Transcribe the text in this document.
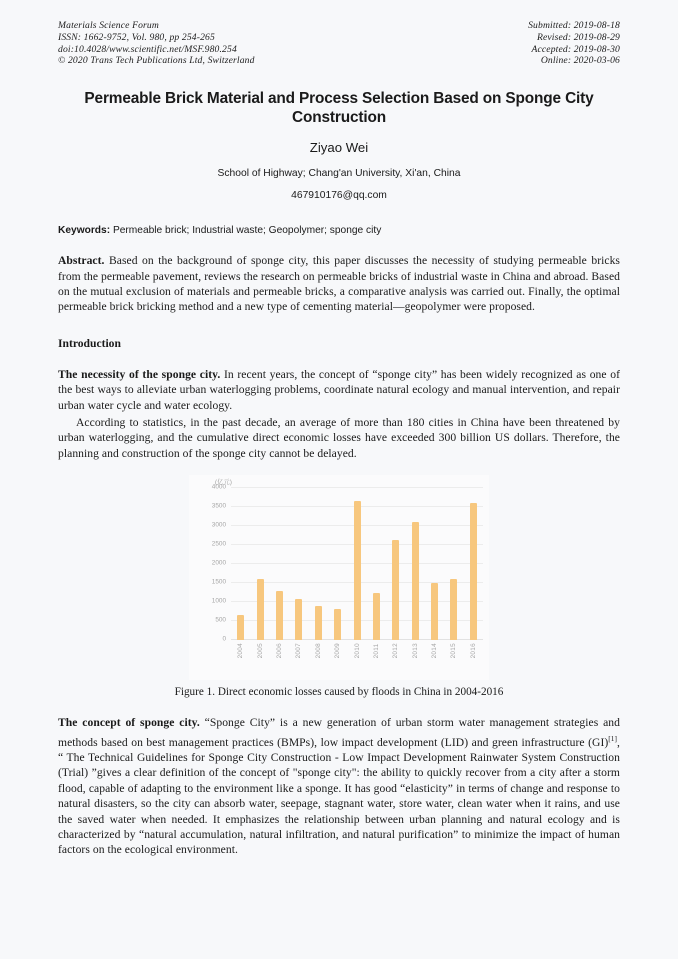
Materials Science Forum
ISSN: 1662-9752, Vol. 980, pp 254-265
doi:10.4028/www.scientific.net/MSF.980.254
© 2020 Trans Tech Publications Ltd, Switzerland
Submitted: 2019-08-18
Revised: 2019-08-29
Accepted: 2019-08-30
Online: 2020-03-06
Permeable Brick Material and Process Selection Based on Sponge City Construction
Ziyao Wei
School of Highway; Chang'an University, Xi'an, China
467910176@qq.com
Keywords: Permeable brick; Industrial waste; Geopolymer; sponge city
Abstract. Based on the background of sponge city, this paper discusses the necessity of studying permeable bricks from the permeable pavement, reviews the research on permeable bricks of industrial waste in China and abroad. Based on the mutual exclusion of materials and permeable bricks, a comparative analysis was carried out. Finally, the optimal permeable brick bricking method and a new type of cementing material—geopolymer were proposed.
Introduction
The necessity of the sponge city. In recent years, the concept of “sponge city” has been widely recognized as one of the best ways to alleviate urban waterlogging problems, coordinate natural ecology and manual intervention, and repair urban water cycle and water ecology.
According to statistics, in the past decade, an average of more than 180 cities in China have been threatened by urban waterlogging, and the cumulative direct economic losses have exceeded 300 billion US dollars. Therefore, the planning and construction of the sponge city cannot be delayed.
(亿元)
4000
3500
3000
2500
2000
1500
1000
500
0
2004 2005 2006 2007 2008 2009 2010 2011 2012 2013 2014 2015 2016
Figure 1. Direct economic losses caused by floods in China in 2004-2016
The concept of sponge city. “Sponge City” is a new generation of urban storm water management strategies and methods based on best management practices (BMPs), low impact development (LID) and green infrastructure (GI)[1], “ The Technical Guidelines for Sponge City Construction - Low Impact Development Rainwater System Construction (Trial) ”gives a clear definition of the concept of "sponge city": the ability to quickly recover from a city after a storm flood, capable of adapting to the environment like a sponge. It has good “elasticity” in terms of change and response to natural disasters, so the city can absorb water, seepage, stagnant water, store water, clean water when it rains, and use the saved water when needed. It emphasizes the relationship between urban planning and natural ecology and is characterized by “natural accumulation, natural infiltration, and natural purification” to minimize the impact of human factors on the ecological environment.
